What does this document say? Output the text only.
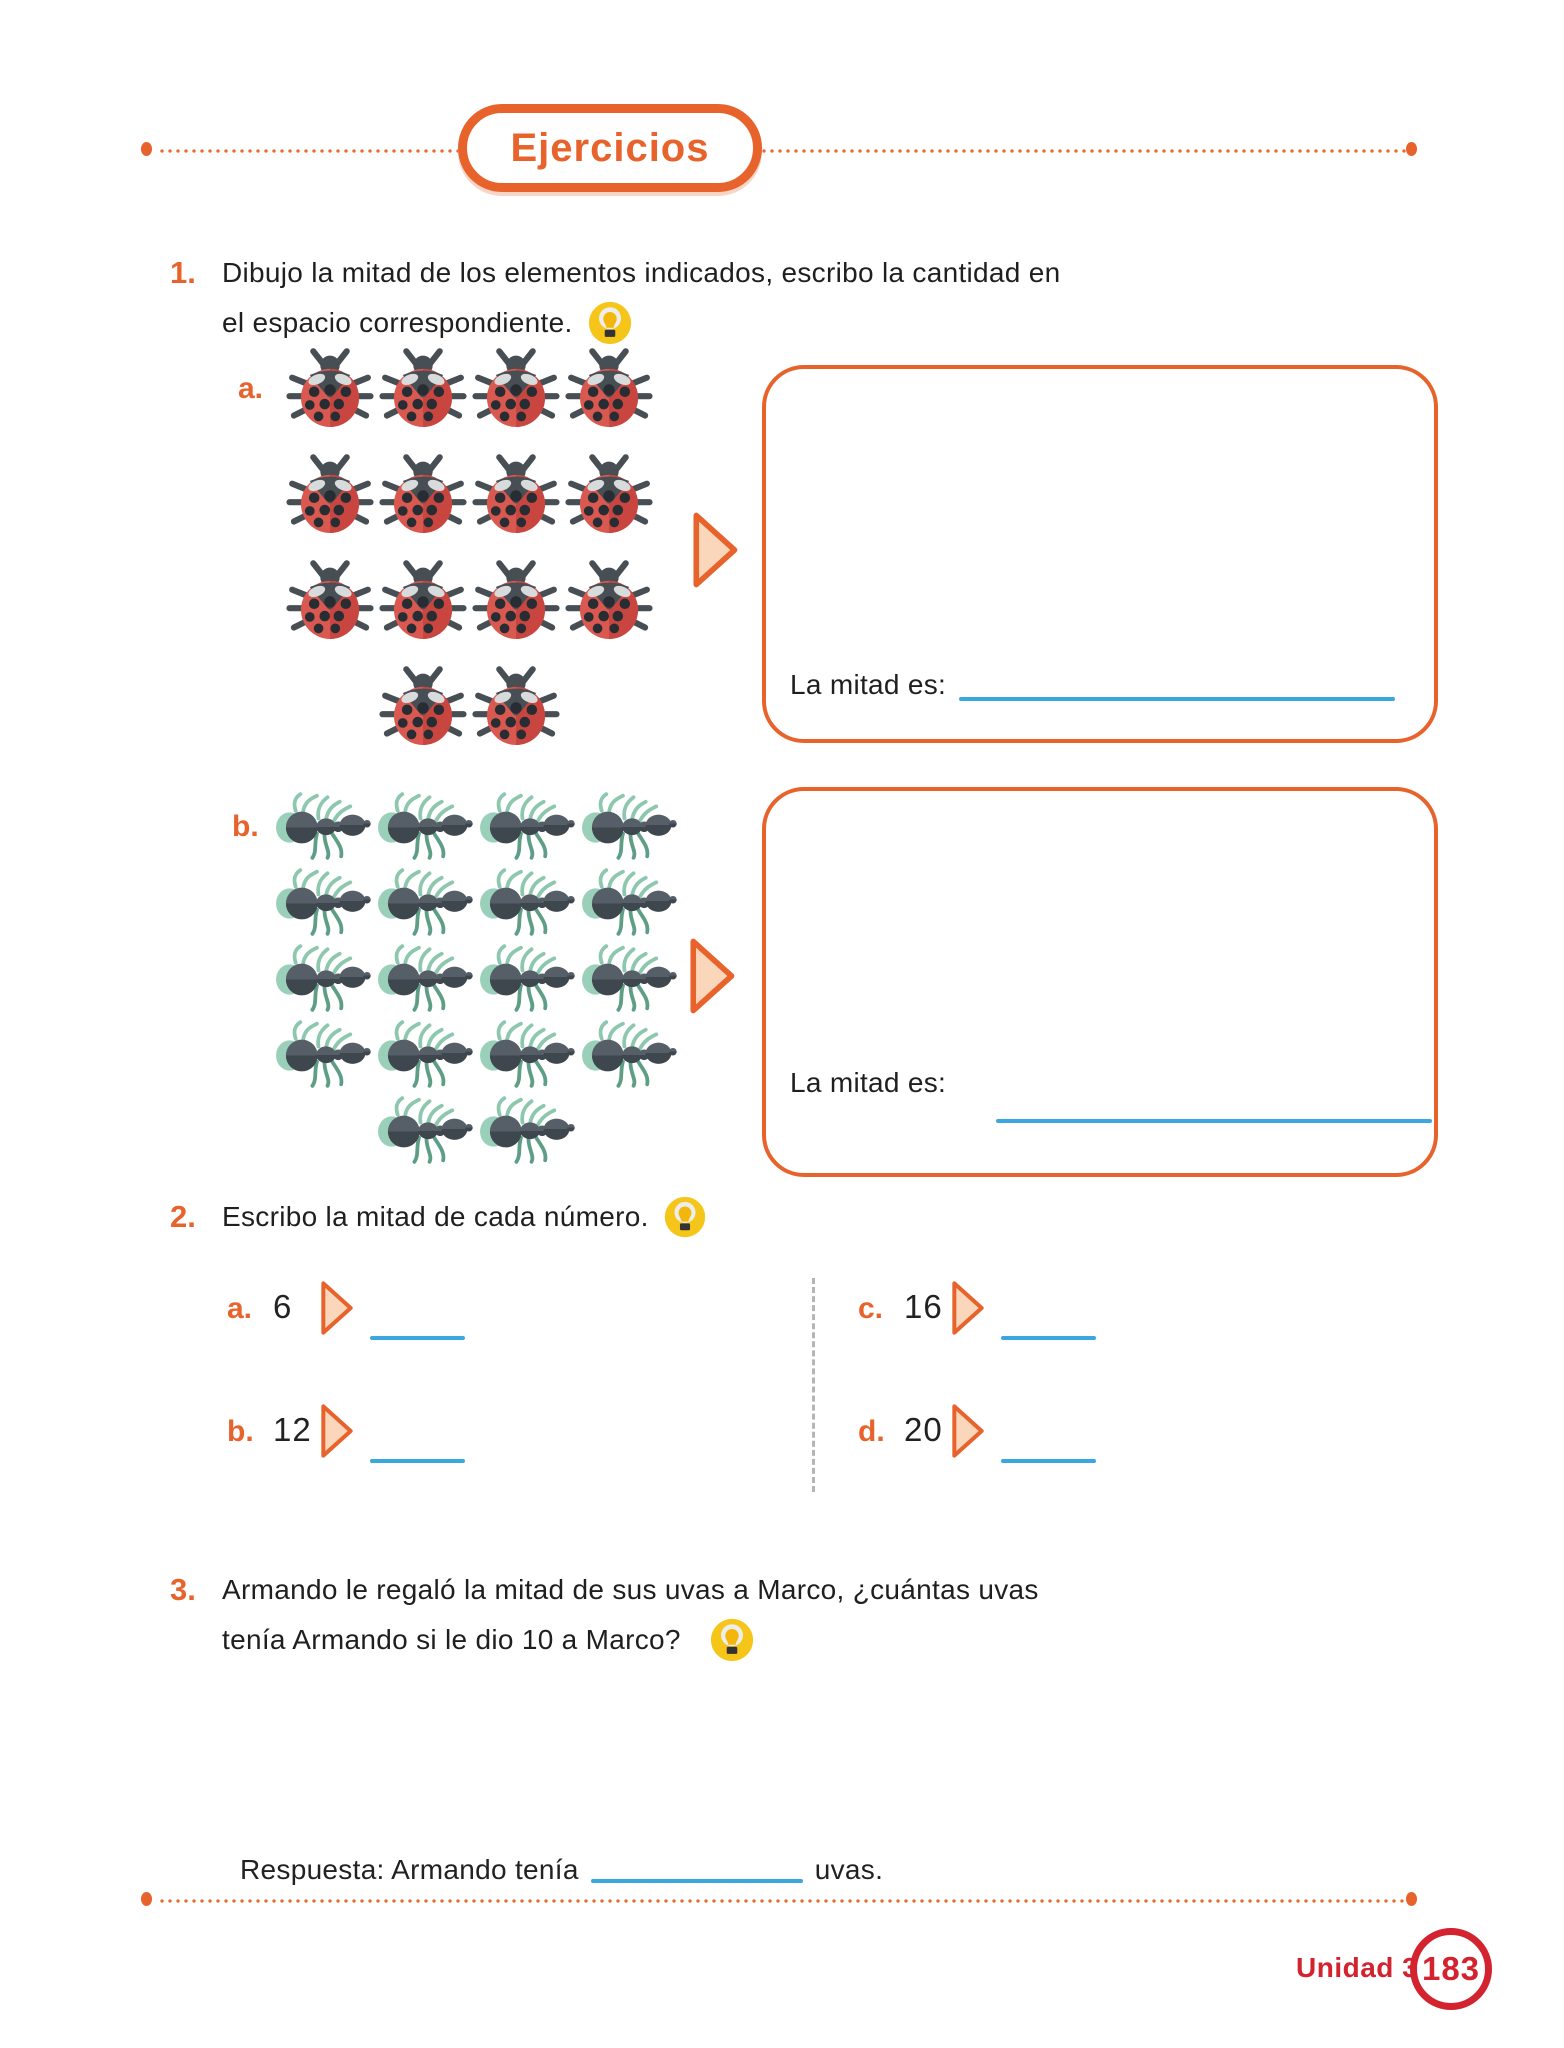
Ejercicios
1. Dibujo la mitad de los elementos indicados, escribo la cantidad en
el espacio correspondiente.
a.
La mitad es:
b.
La mitad es:
2. Escribo la mitad de cada número.
a. 6
b. 12
c. 16
d. 20
3. Armando le regaló la mitad de sus uvas a Marco, ¿cuántas uvas
tenía Armando si le dio 10 a Marco?
Respuesta: Armando tenía	uvas.
Unidad 3 183
